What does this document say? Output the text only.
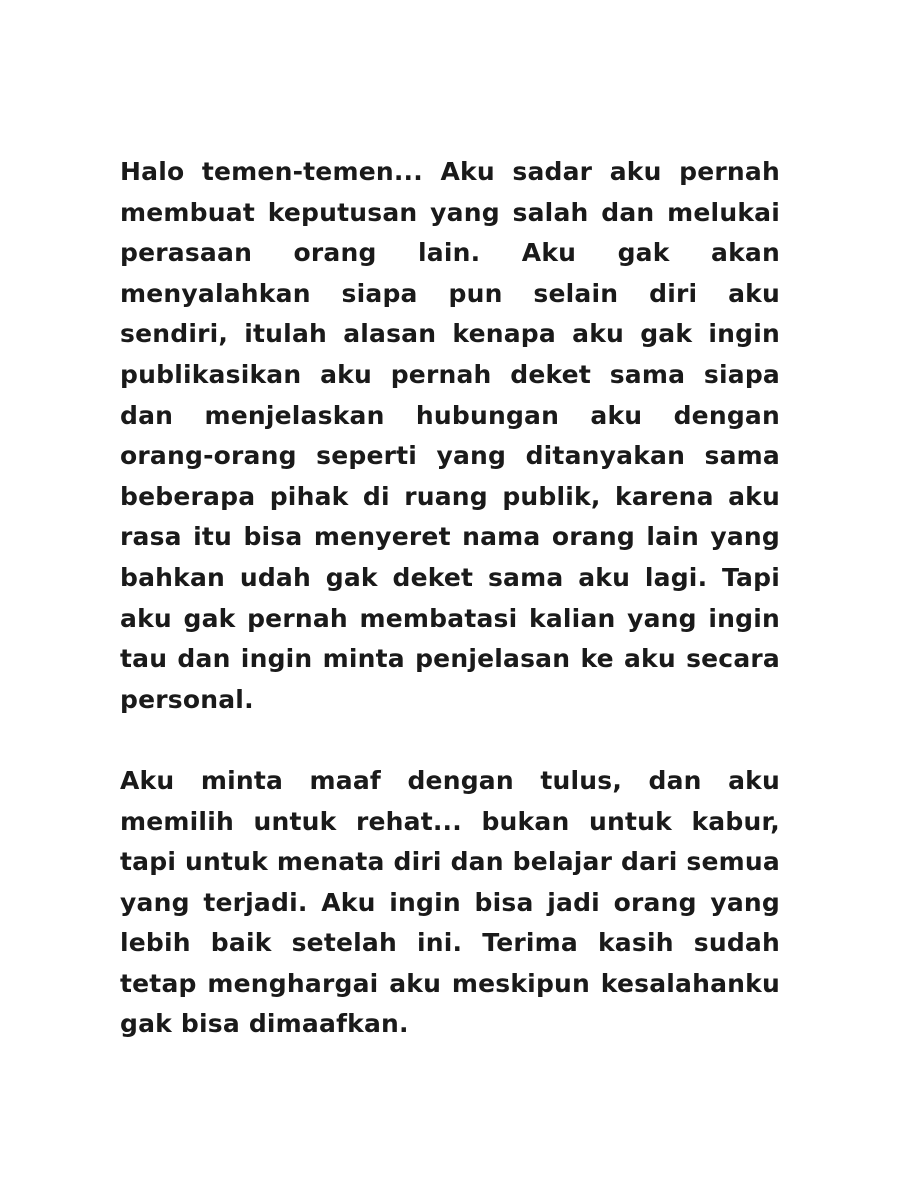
Halo temen-temen... Aku sadar aku pernah membuat keputusan yang salah dan melukai perasaan orang lain. Aku gak akan menyalahkan siapa pun selain diri aku sendiri, itulah alasan kenapa aku gak ingin publikasikan aku pernah deket sama siapa dan menjelaskan hubungan aku dengan orang-orang seperti yang ditanyakan sama beberapa pihak di ruang publik, karena aku rasa itu bisa menyeret nama orang lain yang bahkan udah gak deket sama aku lagi. Tapi aku gak pernah membatasi kalian yang ingin tau dan ingin minta penjelasan ke aku secara personal.

Aku minta maaf dengan tulus, dan aku memilih untuk rehat... bukan untuk kabur, tapi untuk menata diri dan belajar dari semua yang terjadi. Aku ingin bisa jadi orang yang lebih baik setelah ini. Terima kasih sudah tetap menghargai aku meskipun kesalahanku gak bisa dimaafkan.
